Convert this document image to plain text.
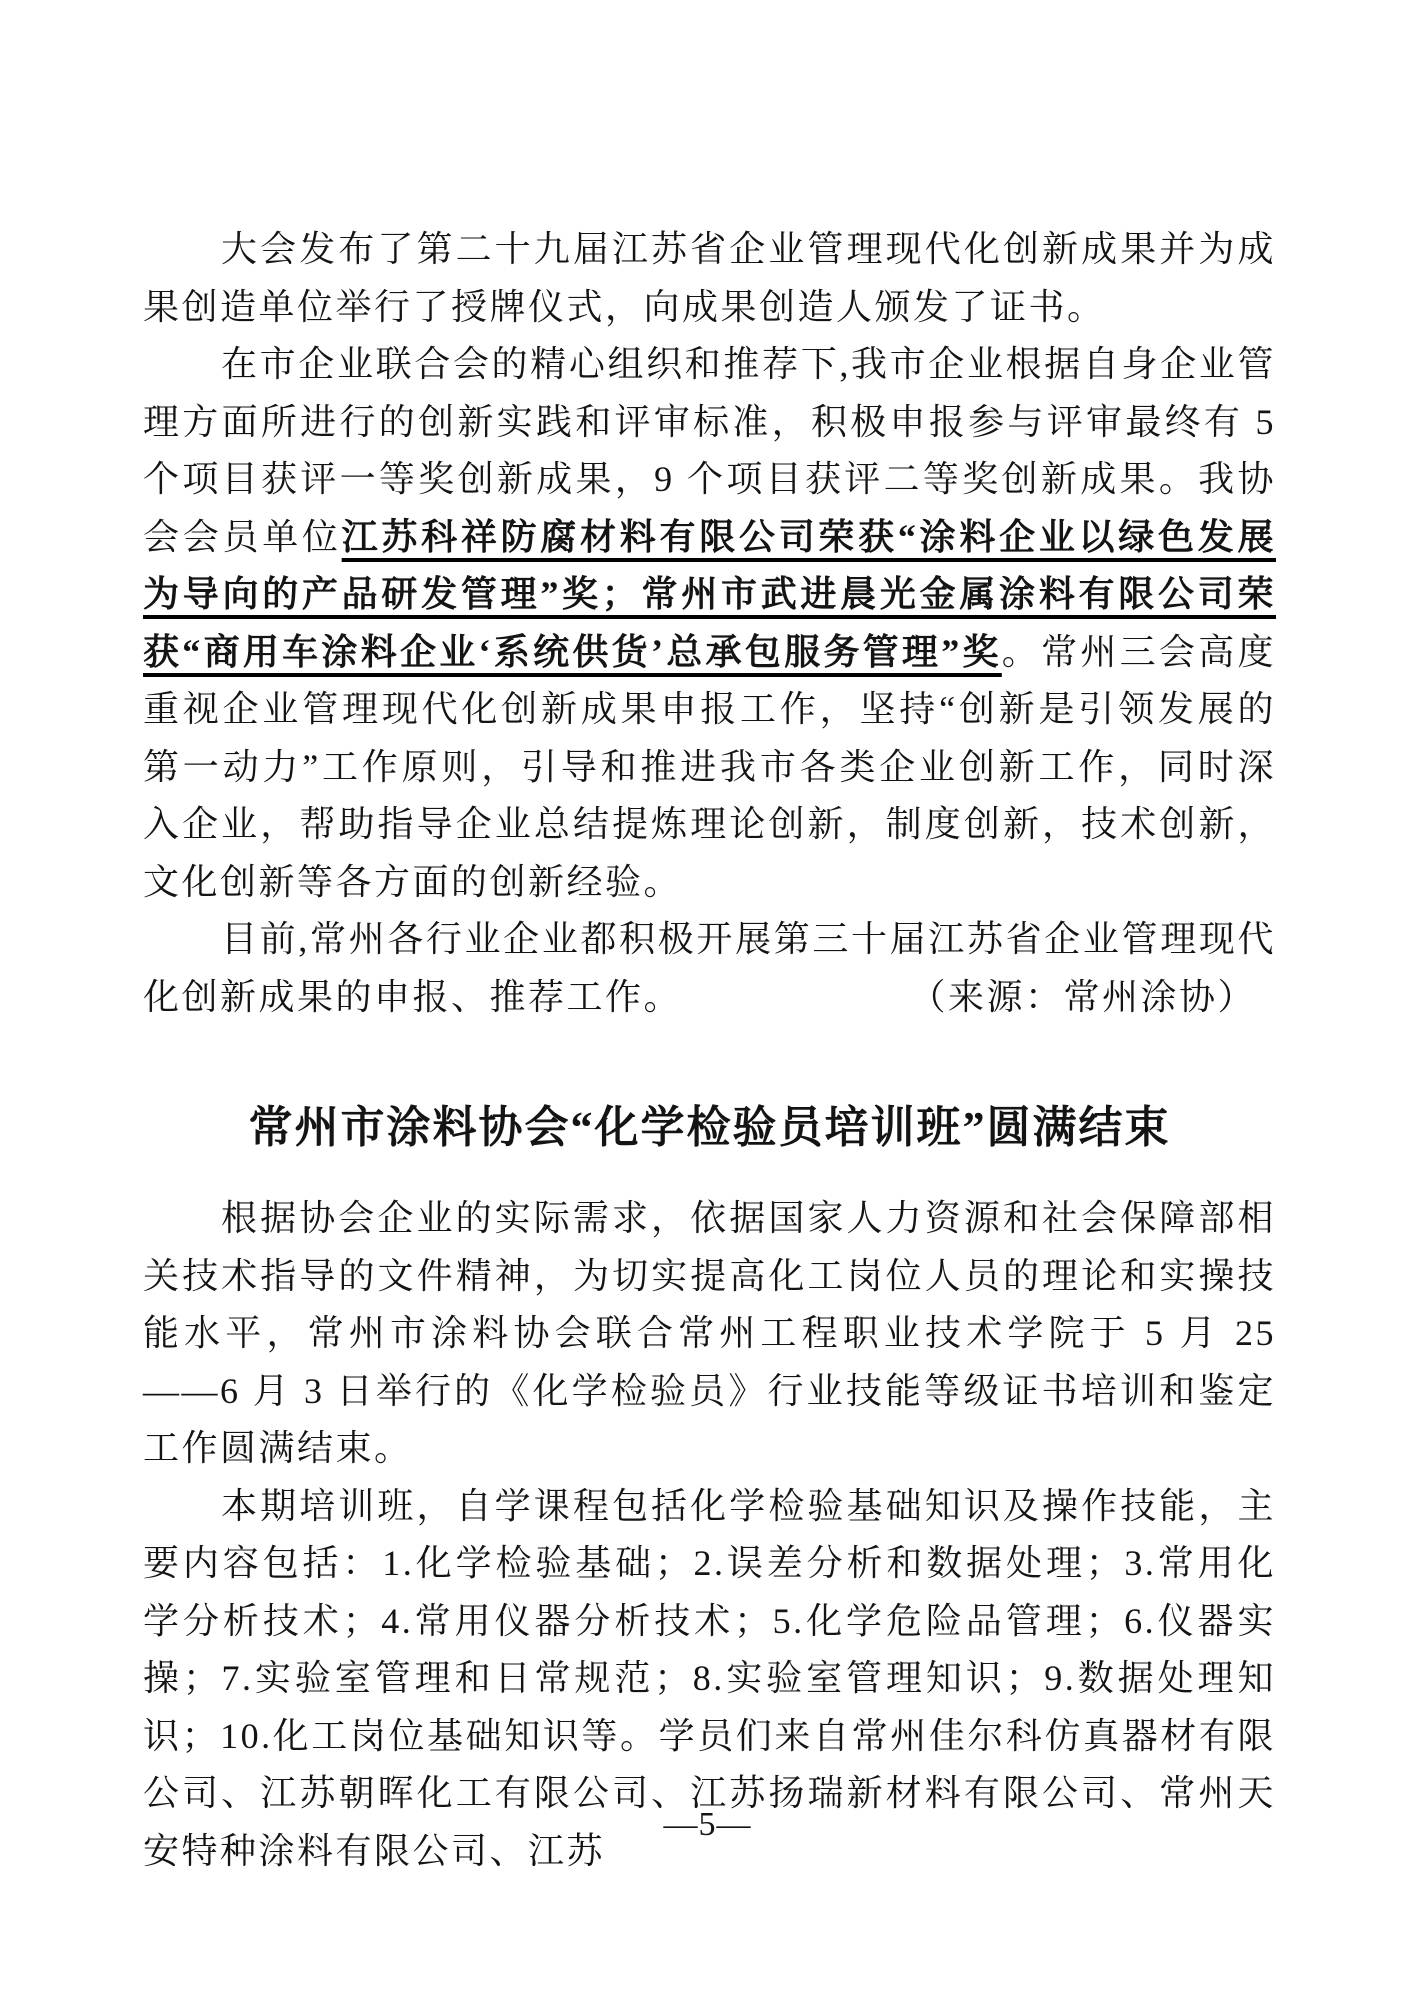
大会发布了第二十九届江苏省企业管理现代化创新成果并为成果创造单位举行了授牌仪式，向成果创造人颁发了证书。

在市企业联合会的精心组织和推荐下,我市企业根据自身企业管理方面所进行的创新实践和评审标准，积极申报参与评审最终有 5 个项目获评一等奖创新成果，9 个项目获评二等奖创新成果。我协会会员单位江苏科祥防腐材料有限公司荣获“涂料企业以绿色发展为导向的产品研发管理”奖；常州市武进晨光金属涂料有限公司荣获“商用车涂料企业‘系统供货’总承包服务管理”奖。常州三会高度重视企业管理现代化创新成果申报工作，坚持“创新是引领发展的第一动力”工作原则，引导和推进我市各类企业创新工作，同时深入企业，帮助指导企业总结提炼理论创新，制度创新，技术创新，文化创新等各方面的创新经验。

目前,常州各行业企业都积极开展第三十届江苏省企业管理现代化创新成果的申报、推荐工作。	（来源：常州涂协）

常州市涂料协会“化学检验员培训班”圆满结束

根据协会企业的实际需求，依据国家人力资源和社会保障部相关技术指导的文件精神，为切实提高化工岗位人员的理论和实操技能水平，常州市涂料协会联合常州工程职业技术学院于 5 月 25——6 月 3 日举行的《化学检验员》行业技能等级证书培训和鉴定工作圆满结束。

本期培训班，自学课程包括化学检验基础知识及操作技能，主要内容包括：1.化学检验基础；2.误差分析和数据处理；3.常用化学分析技术；4.常用仪器分析技术；5.化学危险品管理；6.仪器实操；7.实验室管理和日常规范；8.实验室管理知识；9.数据处理知识；10.化工岗位基础知识等。学员们来自常州佳尔科仿真器材有限公司、江苏朝晖化工有限公司、江苏扬瑞新材料有限公司、常州天安特种涂料有限公司、江苏

—5—
